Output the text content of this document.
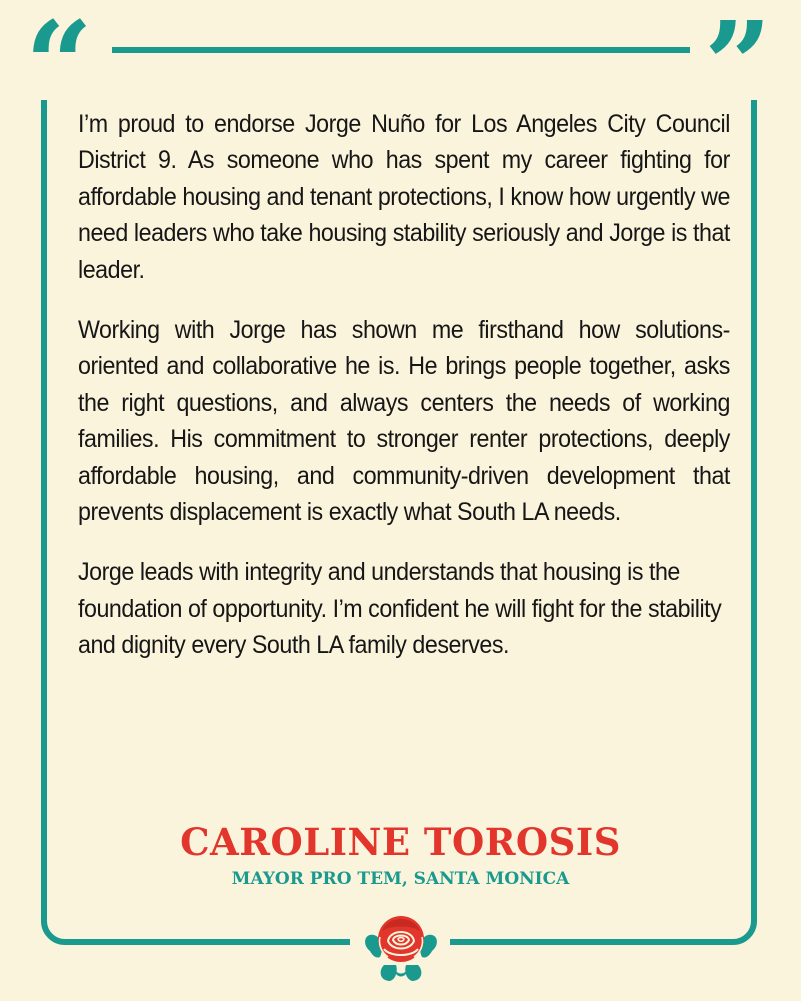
“	”

I’m proud to endorse Jorge Nuño for Los Angeles City Council District 9. As someone who has spent my career fighting for affordable housing and tenant protections, I know how urgently we need leaders who take housing stability seriously and Jorge is that leader.

Working with Jorge has shown me firsthand how solutions-oriented and collaborative he is. He brings people together, asks the right questions, and always centers the needs of working families. His commitment to stronger renter protections, deeply affordable housing, and community-driven development that prevents displacement is exactly what South LA needs.

Jorge leads with integrity and understands that housing is the foundation of opportunity. I’m confident he will fight for the stability and dignity every South LA family deserves.

CAROLINE TOROSIS
MAYOR PRO TEM, SANTA MONICA
